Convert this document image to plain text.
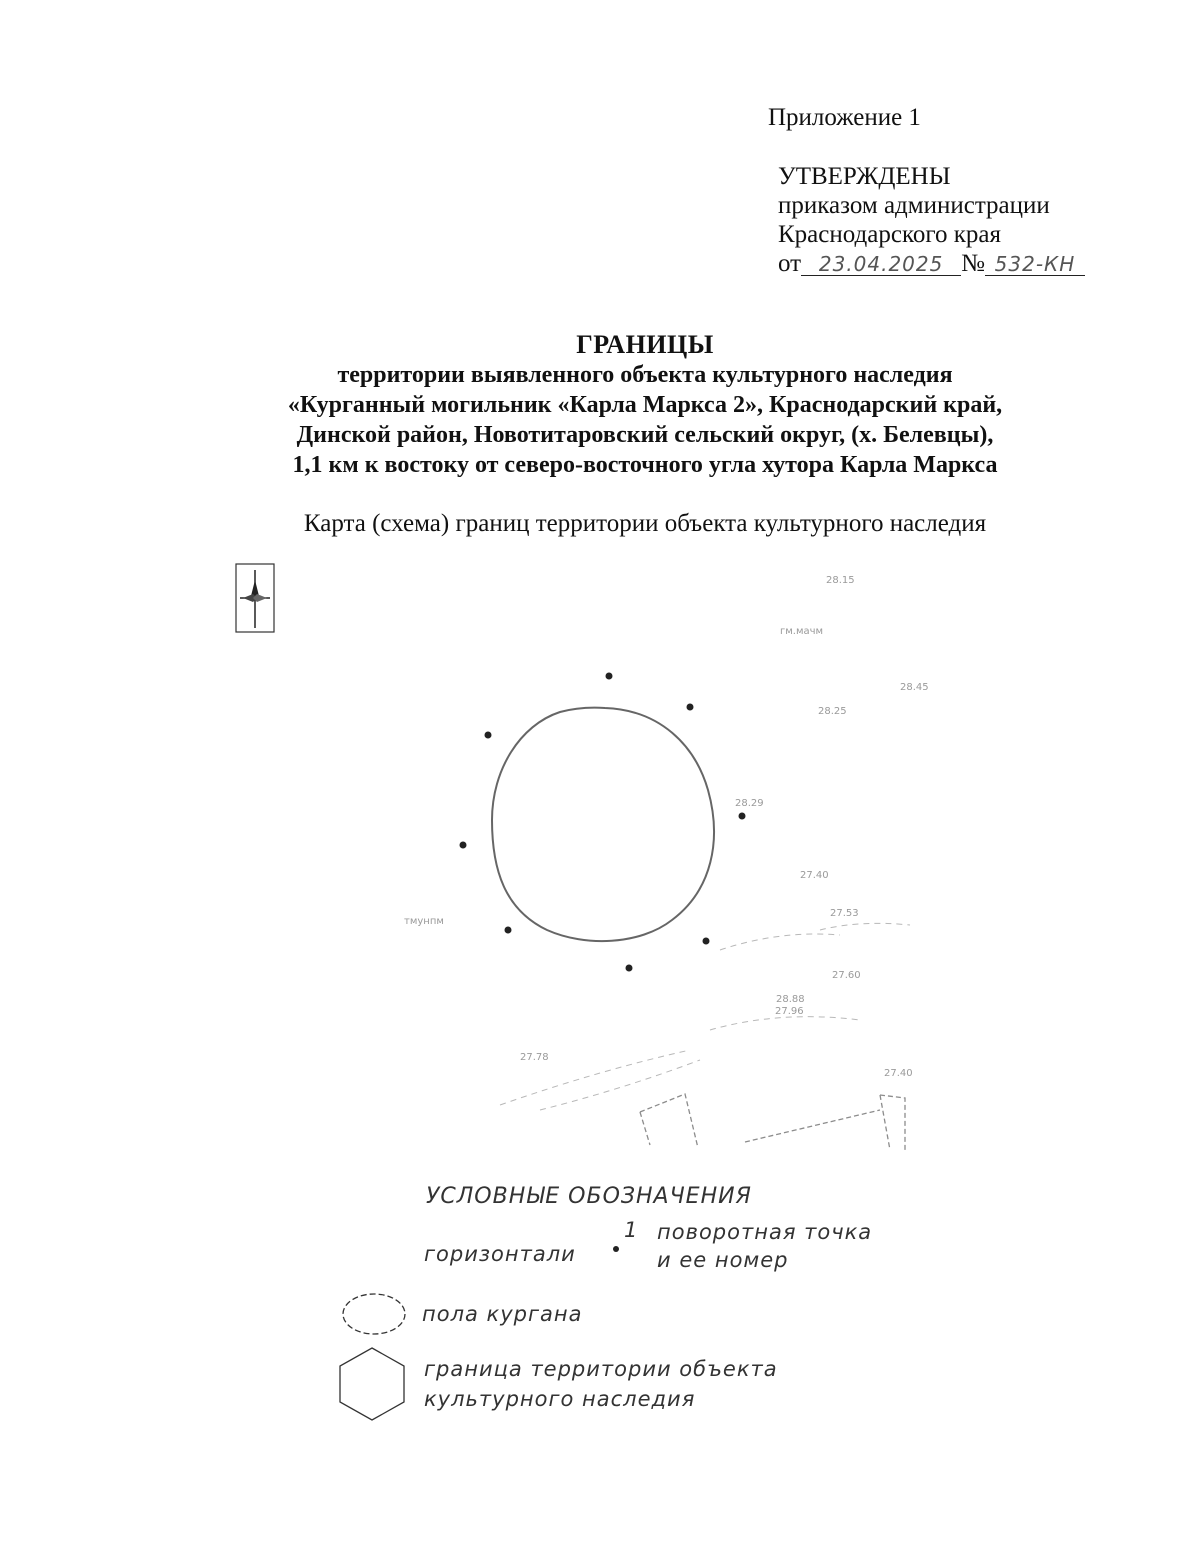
Приложение 1
УТВЕРЖДЕНЫ
приказом администрации
Краснодарского края
от 23.04.2025 № 532-КН
ГРАНИЦЫ
территории выявленного объекта культурного наследия
«Курганный могильник «Карла Маркса 2», Краснодарский край,
Динской район, Новотитаровский сельский округ, (х. Белевцы),
1,1 км к востоку от северо-восточного угла хутора Карла Маркса
Карта (схема) границ территории объекта культурного наследия
28.15
гм.мачм
тмунпм
28.25
28.45
28.29
27.40
27.53
27.60
28.88
27.96
27.78
27.40
УСЛОВНЫЕ ОБОЗНАЧЕНИЯ
горизонтали
1 поворотная точка
и ее номер
пола кургана
граница территории объекта
культурного наследия
